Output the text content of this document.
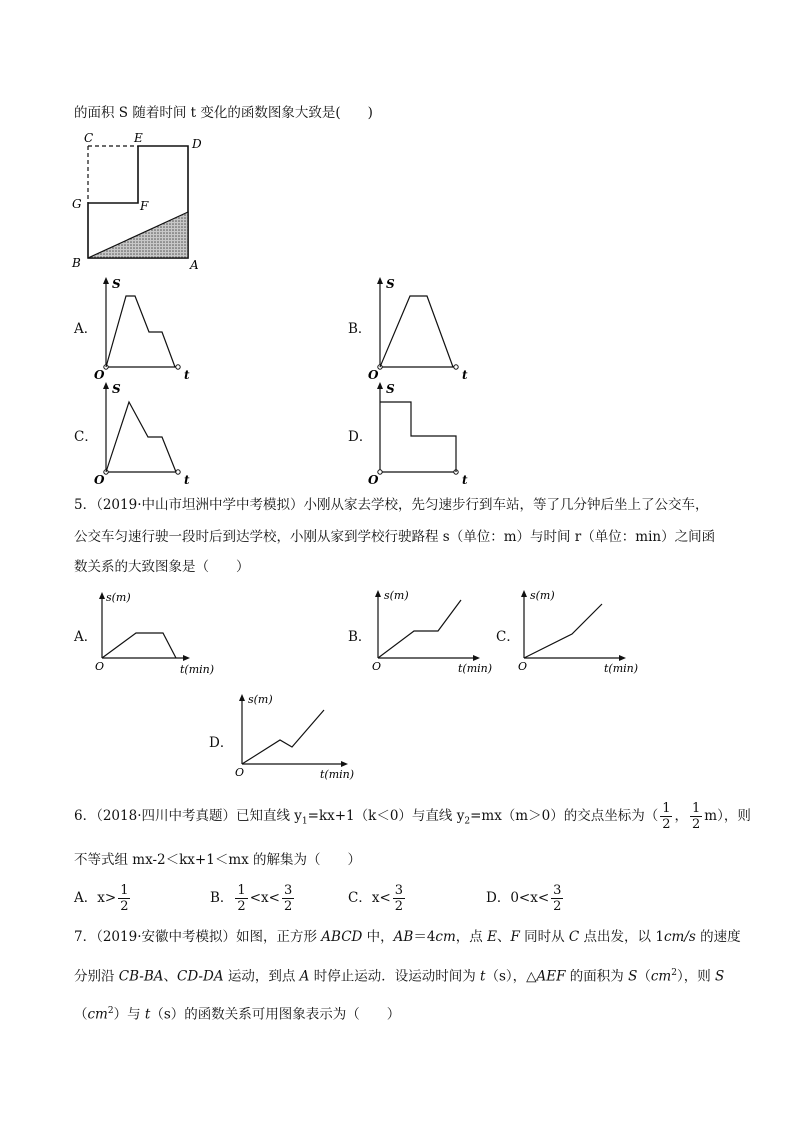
的面积 S 随着时间 t 变化的函数图象大致是(　　)
C	E	D
G	F
B	A
A．
S
O	t
B．
S
O	t
C．
S
O	t
D．
S
O	t
5．（2019·中山市坦洲中学中考模拟）小刚从家去学校，先匀速步行到车站，等了几分钟后坐上了公交车，
公交车匀速行驶一段时后到达学校，小刚从家到学校行驶路程 s（单位：m）与时间 r（单位：min）之间函
数关系的大致图象是（　　）
A．
s(m)
O	t(min)
B．
s(m)
O	t(min)
C．
s(m)
O	t(min)
D．
s(m)
O	t(min)
6．（2018·四川中考真题）已知直线 $y_1=kx+1(k<0)$与直线 $y_2=mx(m>0)$的交点坐标为（ $\frac{1}{2}$ ， $\frac{1}{2} m$），则
不等式组 mx-2＜kx+1＜mx 的解集为（　　）
A．$x> \frac{1}{2}$	B． $\frac{1}{2} <x< \frac{3}{2}$	C．$x< \frac{3}{2}$	D．$0<x< \frac{3}{2}$
7．（2019·安徽中考模拟）如图，正方形 ABCD 中，AB＝4cm，点 E、F 同时从 C 点出发，以 1cm/s 的速度
分别沿 CB-BA、CD-DA 运动，到点 A 时停止运动．设运动时间为 t（s），△AEF 的面积为 $S(cm^2)$，则 S
$(cm^2)$与 t（s）的函数关系可用图象表示为（　　）
